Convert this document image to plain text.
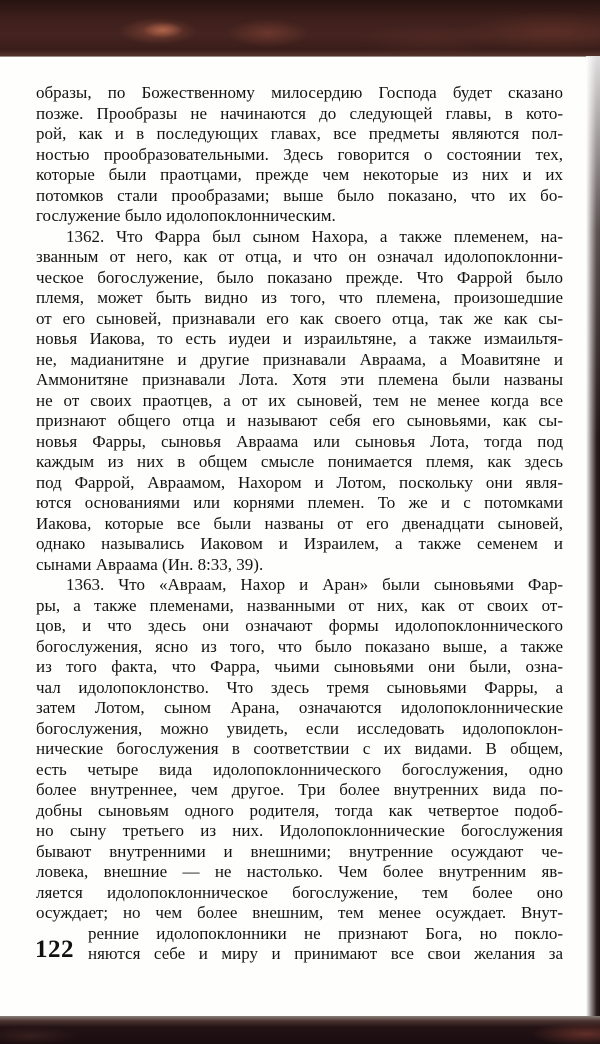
образы, по Божественному милосердию Господа будет сказано
позже. Прообразы не начинаются до следующей главы, в кото-
рой, как и в последующих главах, все предметы являются пол-
ностью прообразовательными. Здесь говорится о состоянии тех,
которые были праотцами, прежде чем некоторые из них и их
потомков стали прообразами; выше было показано, что их бо-
гослужение было идолопоклонническим.
1362. Что Фарра был сыном Нахора, а также племенем, на-
званным от него, как от отца, и что он означал идолопоклонни-
ческое богослужение, было показано прежде. Что Фаррой было
племя, может быть видно из того, что племена, произошедшие
от его сыновей, признавали его как своего отца, так же как сы-
новья Иакова, то есть иудеи и израильтяне, а также измаильтя-
не, мадианитяне и другие признавали Авраама, а Моавитяне и
Аммонитяне признавали Лота. Хотя эти племена были названы
не от своих праотцев, а от их сыновей, тем не менее когда все
признают общего отца и называют себя его сыновьями, как сы-
новья Фарры, сыновья Авраама или сыновья Лота, тогда под
каждым из них в общем смысле понимается племя, как здесь
под Фаррой, Авраамом, Нахором и Лотом, поскольку они явля-
ются основаниями или корнями племен. То же и с потомками
Иакова, которые все были названы от его двенадцати сыновей,
однако назывались Иаковом и Израилем, а также семенем и
сынами Авраама (Ин. 8:33, 39).
1363. Что «Авраам, Нахор и Аран» были сыновьями Фар-
ры, а также племенами, названными от них, как от своих от-
цов, и что здесь они означают формы идолопоклоннического
богослужения, ясно из того, что было показано выше, а также
из того факта, что Фарра, чьими сыновьями они были, озна-
чал идолопоклонство. Что здесь тремя сыновьями Фарры, а
затем Лотом, сыном Арана, означаются идолопоклоннические
богослужения, можно увидеть, если исследовать идолопоклон-
нические богослужения в соответствии с их видами. В общем,
есть четыре вида идолопоклоннического богослужения, одно
более внутреннее, чем другое. Три более внутренних вида по-
добны сыновьям одного родителя, тогда как четвертое подоб-
но сыну третьего из них. Идолопоклоннические богослужения
бывают внутренними и внешними; внутренние осуждают че-
ловека, внешние — не настолько. Чем более внутренним яв-
ляется идолопоклонническое богослужение, тем более оно
осуждает; но чем более внешним, тем менее осуждает. Внут-
ренние идолопоклонники не признают Бога, но покло-
няются себе и миру и принимают все свои желания за
122
